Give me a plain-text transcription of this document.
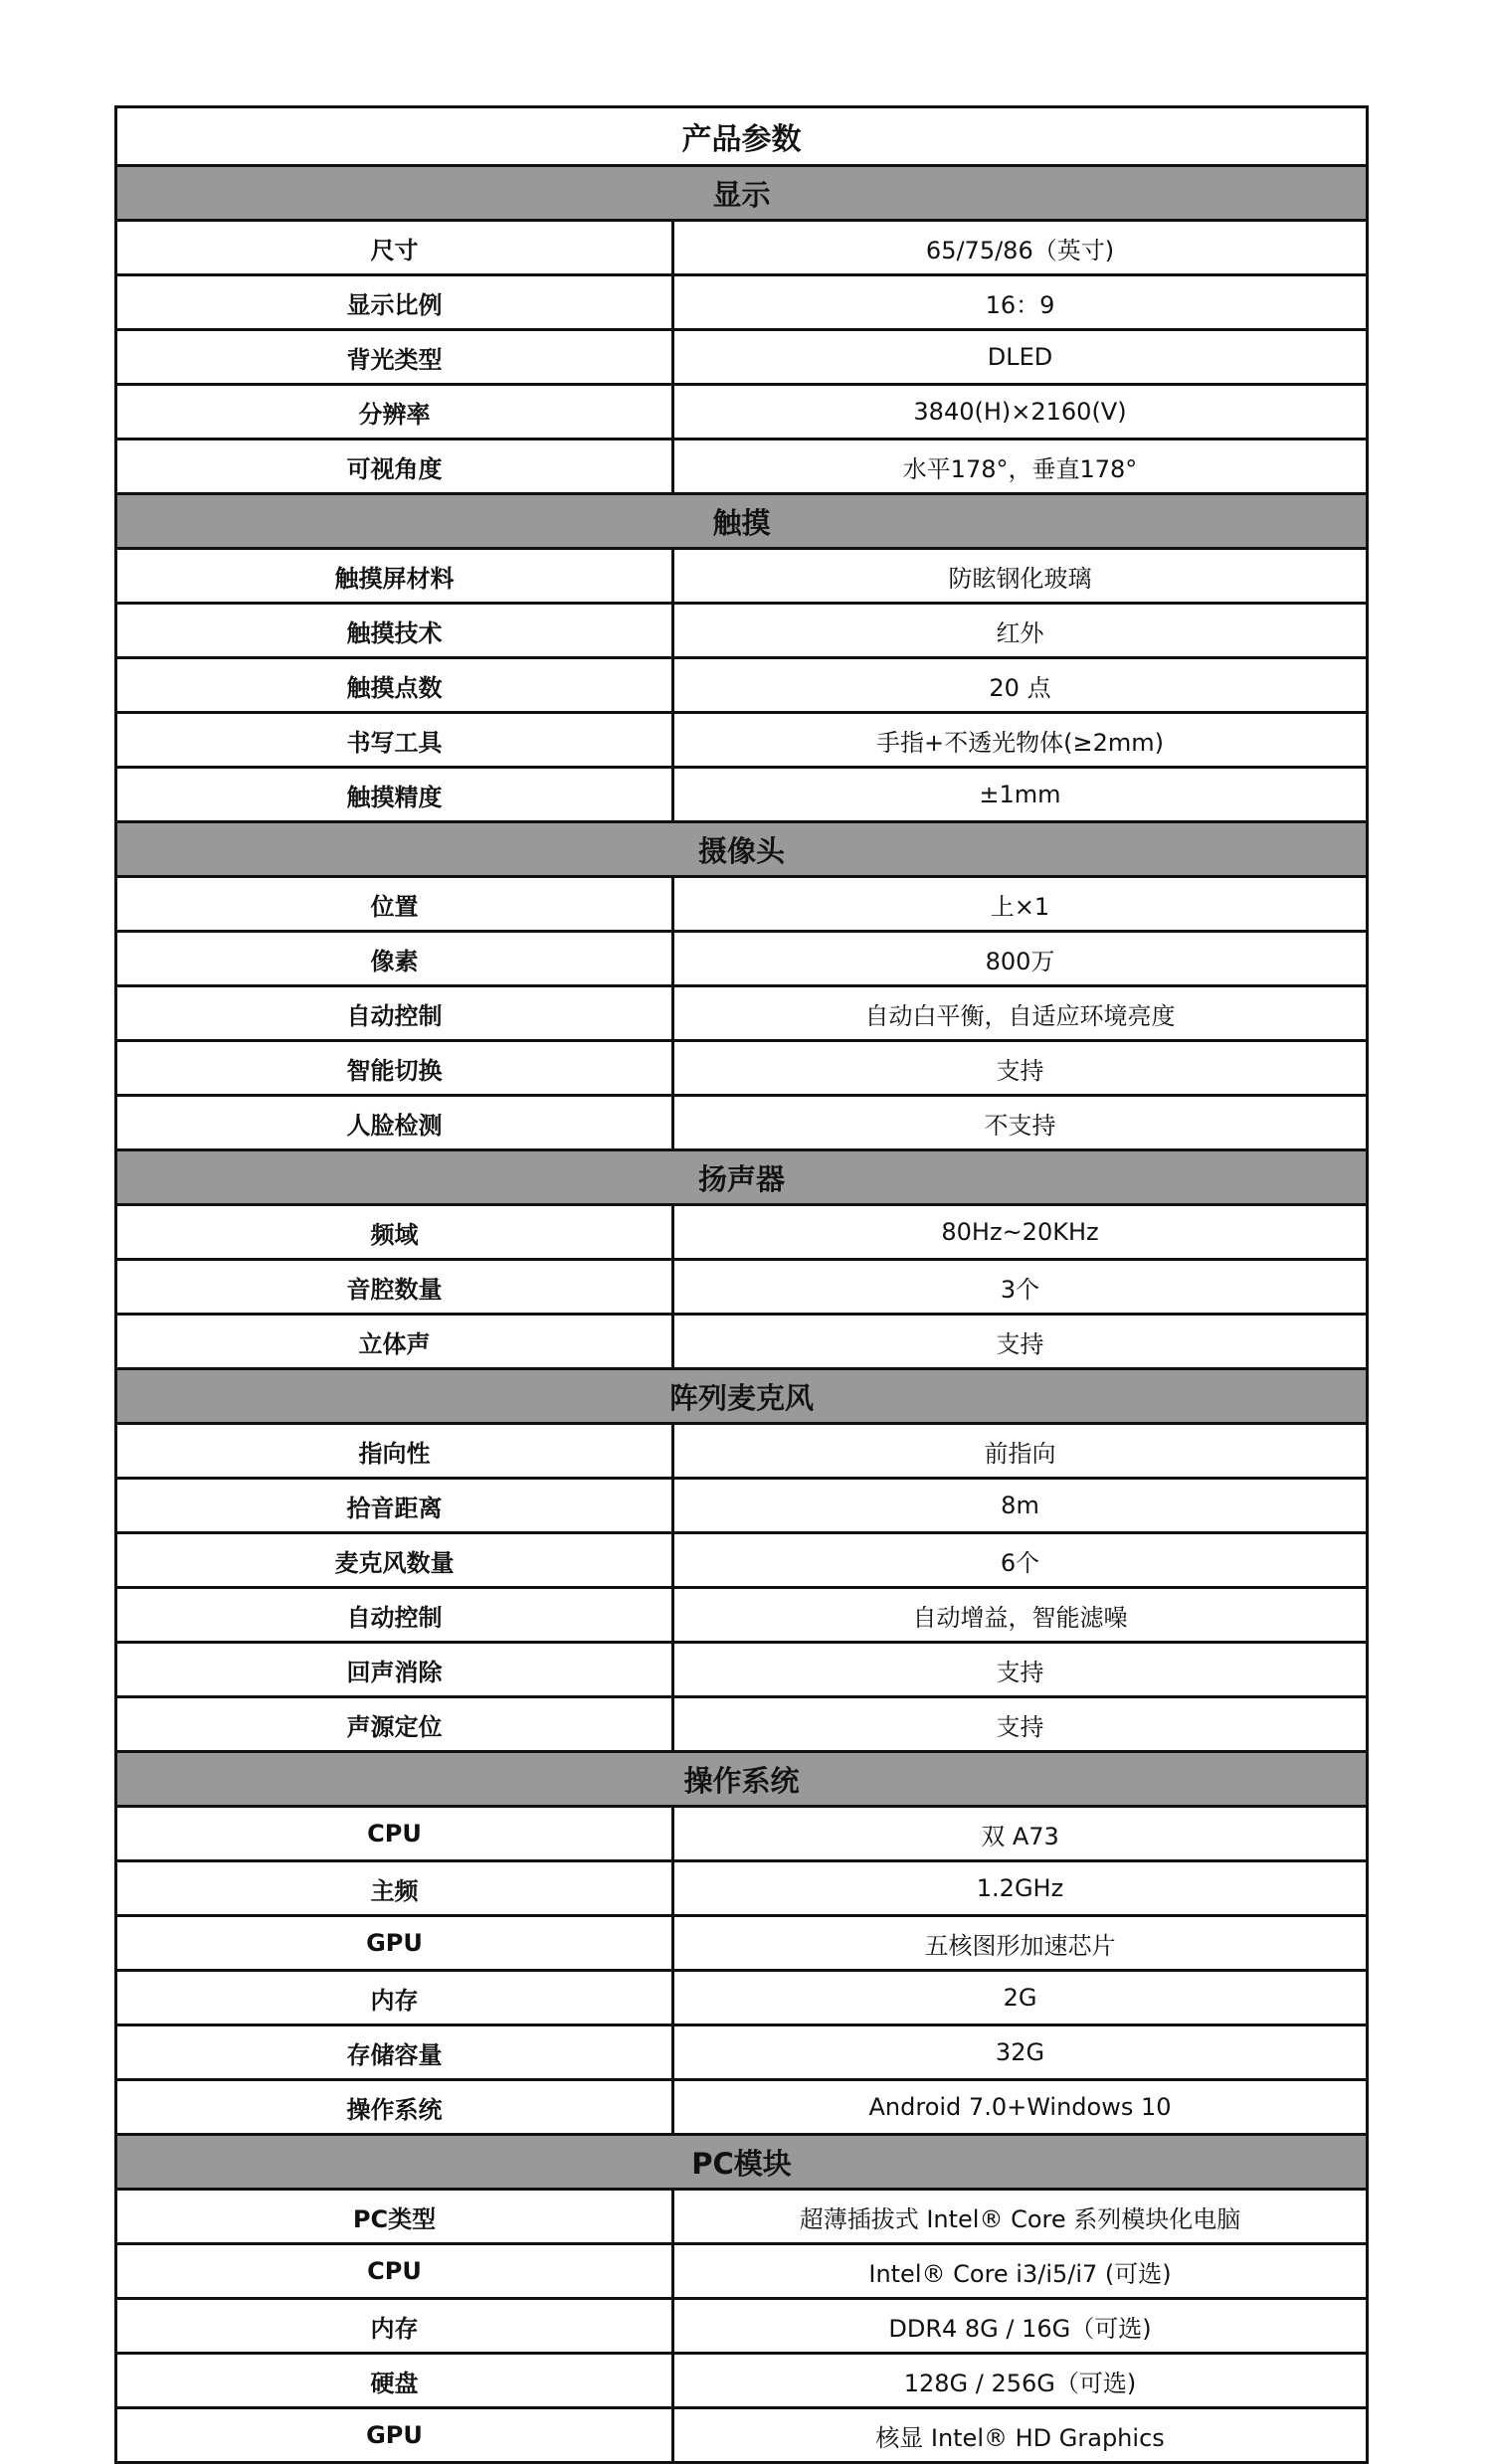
产品参数	
显示	
尺寸	65/75/86（英寸)
显示比例	16：9
背光类型	DLED
分辨率	3840(H)×2160(V)
可视角度	水平178°，垂直178°
触摸	
触摸屏材料	防眩钢化玻璃
触摸技术	红外
触摸点数	20 点
书写工具	手指+不透光物体(≥2mm)
触摸精度	±1mm
摄像头	
位置	上×1
像素	800万
自动控制	自动白平衡，自适应环境亮度
智能切换	支持
人脸检测	不支持
扬声器	
频域	80Hz~20KHz
音腔数量	3个
立体声	支持
阵列麦克风	
指向性	前指向
拾音距离	8m
麦克风数量	6个
自动控制	自动增益，智能滤噪
回声消除	支持
声源定位	支持
操作系统	
CPU	双 A73
主频	1.2GHz
GPU	五核图形加速芯片
内存	2G
存储容量	32G
操作系统	Android 7.0+Windows 10
PC模块	
PC类型	超薄插拔式 Intel® Core 系列模块化电脑
CPU	Intel® Core i3/i5/i7 (可选)
内存	DDR4 8G / 16G（可选)
硬盘	128G / 256G（可选)
GPU	核显 Intel® HD Graphics
